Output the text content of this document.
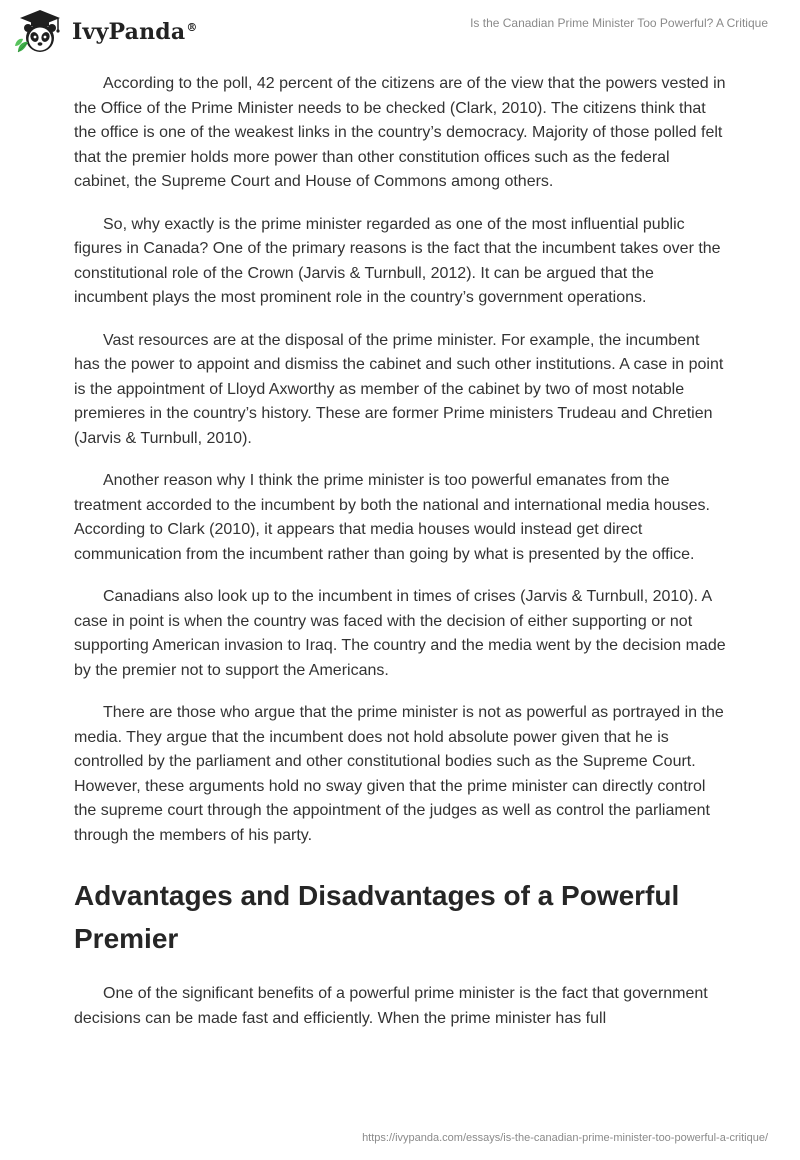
IvyPanda®	Is the Canadian Prime Minister Too Powerful? A Critique

According to the poll, 42 percent of the citizens are of the view that the powers vested in the Office of the Prime Minister needs to be checked (Clark, 2010). The citizens think that the office is one of the weakest links in the country’s democracy. Majority of those polled felt that the premier holds more power than other constitution offices such as the federal cabinet, the Supreme Court and House of Commons among others.

So, why exactly is the prime minister regarded as one of the most influential public figures in Canada? One of the primary reasons is the fact that the incumbent takes over the constitutional role of the Crown (Jarvis & Turnbull, 2012). It can be argued that the incumbent plays the most prominent role in the country’s government operations.

Vast resources are at the disposal of the prime minister. For example, the incumbent has the power to appoint and dismiss the cabinet and such other institutions. A case in point is the appointment of Lloyd Axworthy as member of the cabinet by two of most notable premieres in the country’s history. These are former Prime ministers Trudeau and Chretien (Jarvis & Turnbull, 2010).

Another reason why I think the prime minister is too powerful emanates from the treatment accorded to the incumbent by both the national and international media houses. According to Clark (2010), it appears that media houses would instead get direct communication from the incumbent rather than going by what is presented by the office.

Canadians also look up to the incumbent in times of crises (Jarvis & Turnbull, 2010). A case in point is when the country was faced with the decision of either supporting or not supporting American invasion to Iraq. The country and the media went by the decision made by the premier not to support the Americans.

There are those who argue that the prime minister is not as powerful as portrayed in the media. They argue that the incumbent does not hold absolute power given that he is controlled by the parliament and other constitutional bodies such as the Supreme Court. However, these arguments hold no sway given that the prime minister can directly control the supreme court through the appointment of the judges as well as control the parliament through the members of his party.

Advantages and Disadvantages of a Powerful Premier

One of the significant benefits of a powerful prime minister is the fact that government decisions can be made fast and efficiently. When the prime minister has full

https://ivypanda.com/essays/is-the-canadian-prime-minister-too-powerful-a-critique/
